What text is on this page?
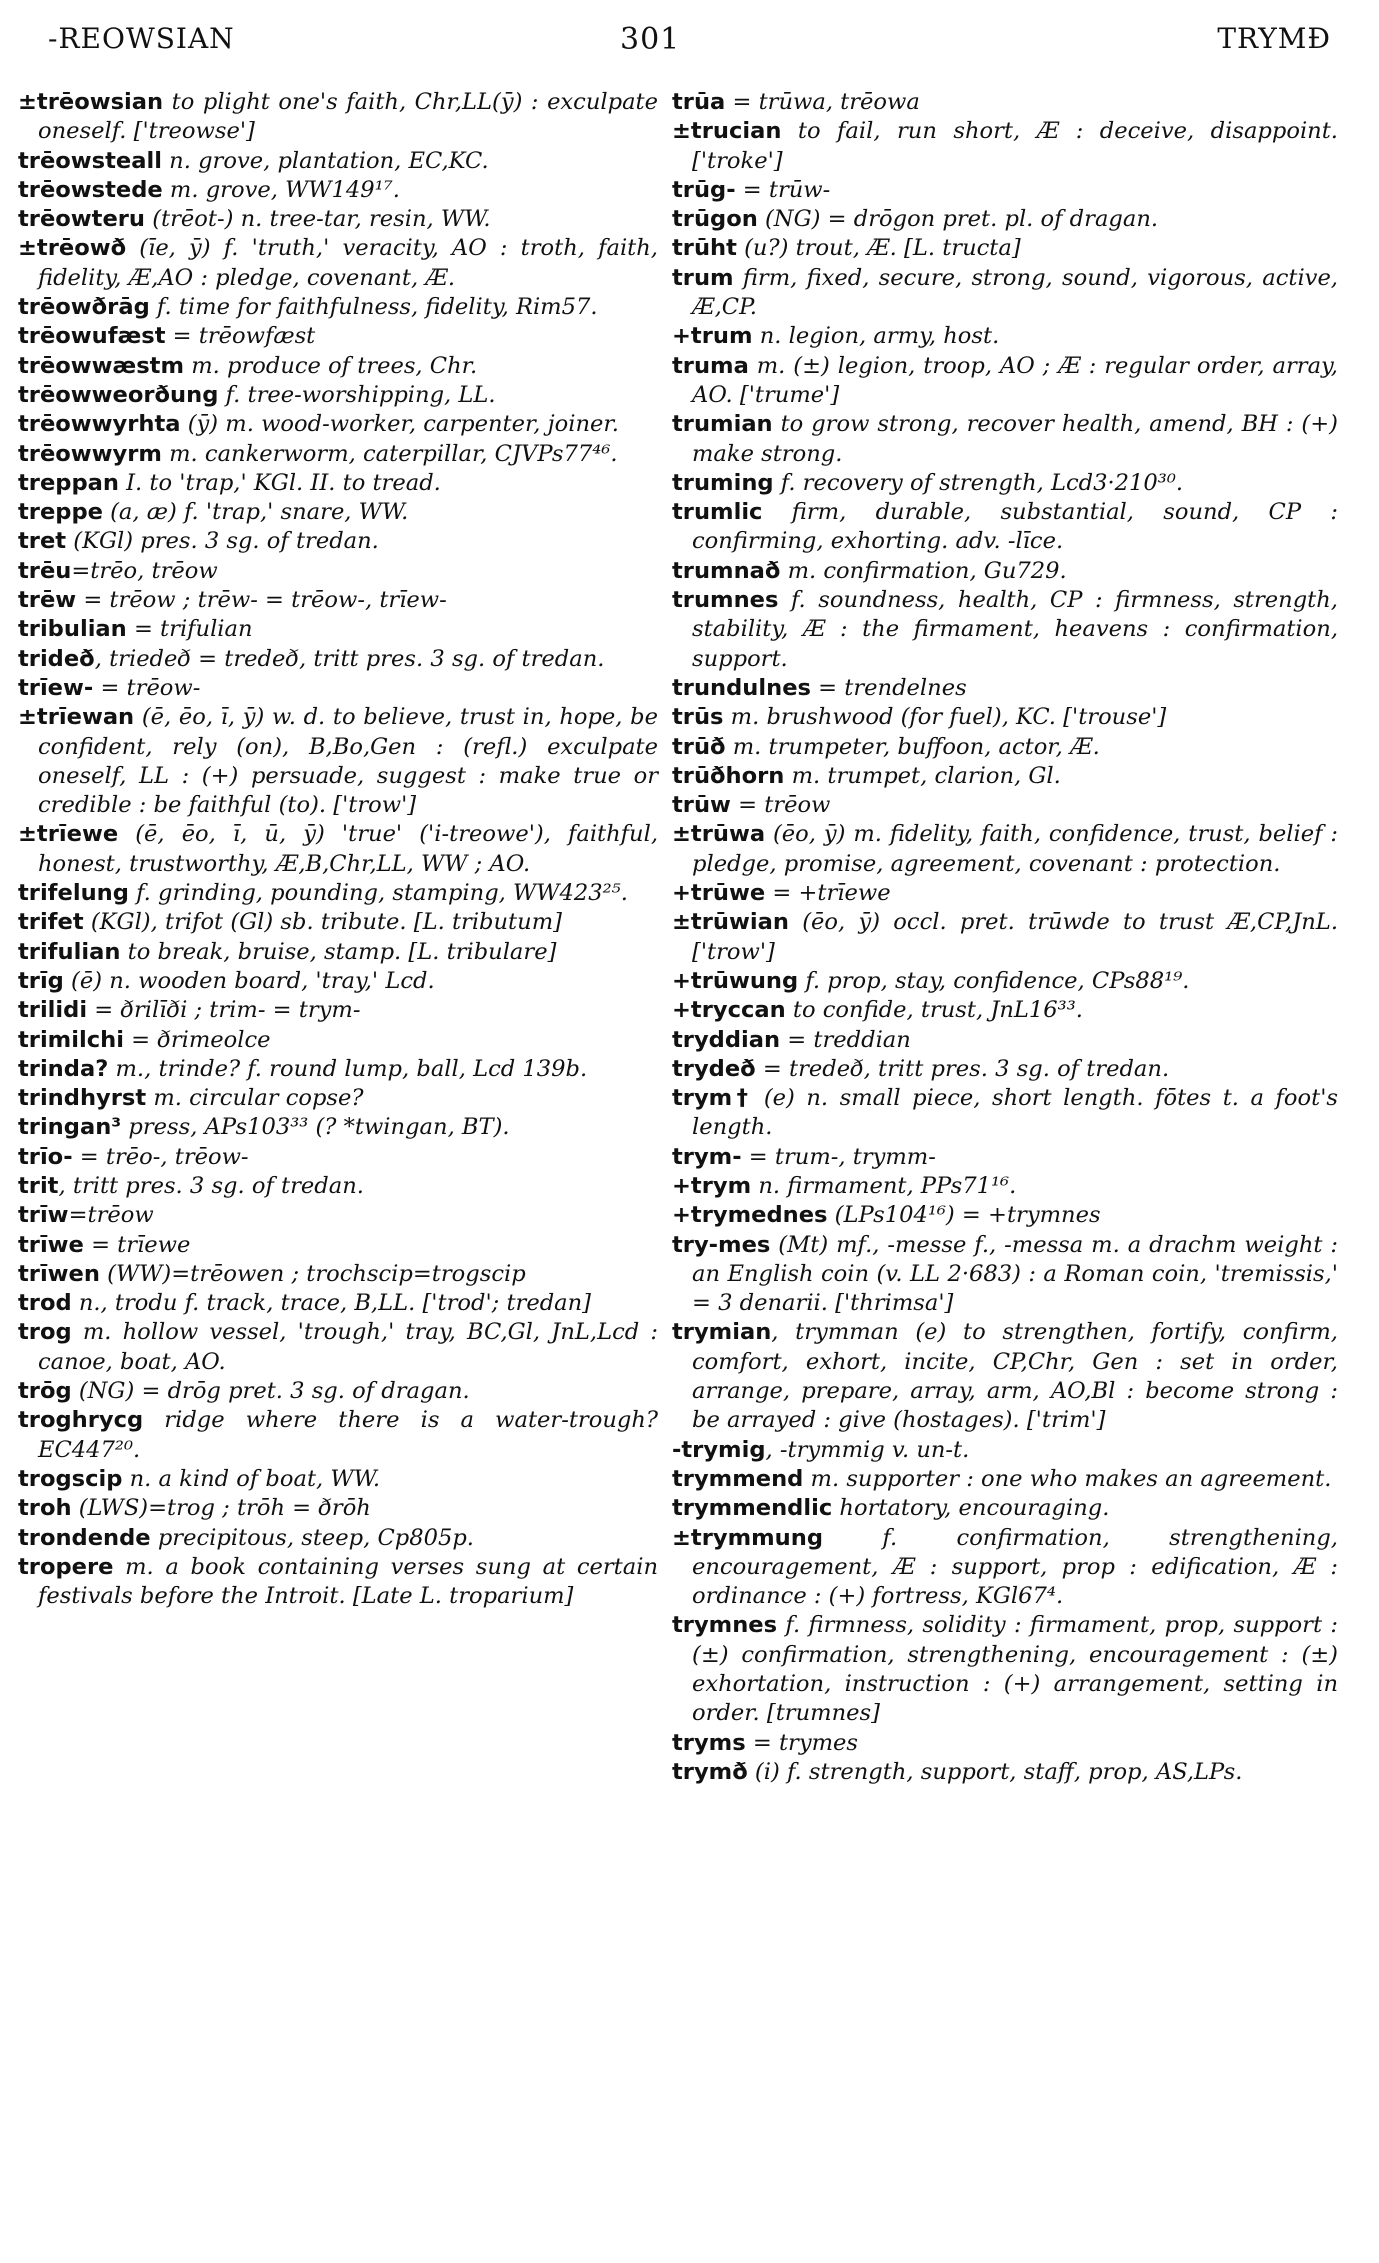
-REOWSIAN	301	TRYMÐ
±trēowsian to plight one's faith, Chr,LL(ȳ) : exculpate oneself. ['treowse']
trēowsteall n. grove, plantation, EC,KC.
trēowstede m. grove, WW149¹⁷.
trēowteru (trēot-) n. tree-tar, resin, WW.
±trēowð (īe, ȳ) f. 'truth,' veracity, AO : troth, faith, fidelity, Æ,AO : pledge, covenant, Æ.
trēowðrāg f. time for faithfulness, fidelity, Rim57.
trēowufæst = trēowfæst
trēowwæstm m. produce of trees, Chr.
trēowweorðung f. tree-worshipping, LL.
trēowwyrhta (ȳ) m. wood-worker, carpenter, joiner.
trēowwyrm m. cankerworm, caterpillar, CJVPs77⁴⁶.
treppan I. to 'trap,' KGl. II. to tread.
treppe (a, æ) f. 'trap,' snare, WW.
tret (KGl) pres. 3 sg. of tredan.
trēu=trēo, trēow
trēw = trēow ; trēw- = trēow-, trīew-
tribulian = trifulian
trideð, triedeð = tredeð, tritt pres. 3 sg. of tredan.
trīew- = trēow-
±trīewan (ē, ēo, ī, ȳ) w. d. to believe, trust in, hope, be confident, rely (on), B,Bo,Gen : (refl.) exculpate oneself, LL : (+) persuade, suggest : make true or credible : be faithful (to). ['trow']
±trīewe (ē, ēo, ī, ū, ȳ) 'true' ('i-treowe'), faithful, honest, trustworthy, Æ,B,Chr,LL, WW ; AO.
trifelung f. grinding, pounding, stamping, WW423²⁵.
trifet (KGl), trifot (Gl) sb. tribute. [L. tributum]
trifulian to break, bruise, stamp. [L. tribulare]
trīg (ē) n. wooden board, 'tray,' Lcd.
trilidi = ðrilīði ; trim- = trym-
trimilchi = ðrimeolce
trinda? m., trinde? f. round lump, ball, Lcd 139b.
trindhyrst m. circular copse?
tringan³ press, APs103³³ (? *twingan, BT).
trīo- = trēo-, trēow-
trit, tritt pres. 3 sg. of tredan.
trīw=trēow
trīwe = trīewe
trīwen (WW)=trēowen ; trochscip=trogscip
trod n., trodu f. track, trace, B,LL. ['trod'; tredan]
trog m. hollow vessel, 'trough,' tray, BC,Gl, JnL,Lcd : canoe, boat, AO.
trōg (NG) = drōg pret. 3 sg. of dragan.
troghrycg ridge where there is a water-trough? EC447²⁰.
trogscip n. a kind of boat, WW.
troh (LWS)=trog ; trōh = ðrōh
trondende precipitous, steep, Cp805p.
tropere m. a book containing verses sung at certain festivals before the Introit. [Late L. troparium]
trūa = trūwa, trēowa
±trucian to fail, run short, Æ : deceive, disappoint. ['troke']
trūg- = trūw-
trūgon (NG) = drōgon pret. pl. of dragan.
trūht (u?) trout, Æ. [L. tructa]
trum firm, fixed, secure, strong, sound, vigorous, active, Æ,CP.
+trum n. legion, army, host.
truma m. (±) legion, troop, AO ; Æ : regular order, array, AO. ['trume']
trumian to grow strong, recover health, amend, BH : (+) make strong.
truming f. recovery of strength, Lcd3·210³⁰.
trumlic firm, durable, substantial, sound, CP : confirming, exhorting. adv. -līce.
trumnað m. confirmation, Gu729.
trumnes f. soundness, health, CP : firmness, strength, stability, Æ : the firmament, heavens : confirmation, support.
trundulnes = trendelnes
trūs m. brushwood (for fuel), KC. ['trouse']
trūð m. trumpeter, buffoon, actor, Æ.
trūðhorn m. trumpet, clarion, Gl.
trūw = trēow
±trūwa (ēo, ȳ) m. fidelity, faith, confidence, trust, belief : pledge, promise, agreement, covenant : protection.
+trūwe = +trīewe
±trūwian (ēo, ȳ) occl. pret. trūwde to trust Æ,CP,JnL. ['trow']
+trūwung f. prop, stay, confidence, CPs88¹⁹.
+tryccan to confide, trust, JnL16³³.
tryddian = treddian
trydeð = tredeð, tritt pres. 3 sg. of tredan.
trym† (e) n. small piece, short length. fōtes t. a foot's length.
trym- = trum-, trymm-
+trym n. firmament, PPs71¹⁶.
+trymednes (LPs104¹⁶) = +trymnes
try-mes (Mt) mf., -messe f., -messa m. a drachm weight : an English coin (v. LL 2·683) : a Roman coin, 'tremissis,' = 3 denarii. ['thrimsa']
trymian, trymman (e) to strengthen, fortify, confirm, comfort, exhort, incite, CP,Chr, Gen : set in order, arrange, prepare, array, arm, AO,Bl : become strong : be arrayed : give (hostages). ['trim']
-trymig, -trymmig v. un-t.
trymmend m. supporter : one who makes an agreement.
trymmendlic hortatory, encouraging.
±trymmung f. confirmation, strengthening, encouragement, Æ : support, prop : edification, Æ : ordinance : (+) fortress, KGl67⁴.
trymnes f. firmness, solidity : firmament, prop, support : (±) confirmation, strengthening, encouragement : (±) exhortation, instruction : (+) arrangement, setting in order. [trumnes]
tryms = trymes
trymð (i) f. strength, support, staff, prop, AS,LPs.
